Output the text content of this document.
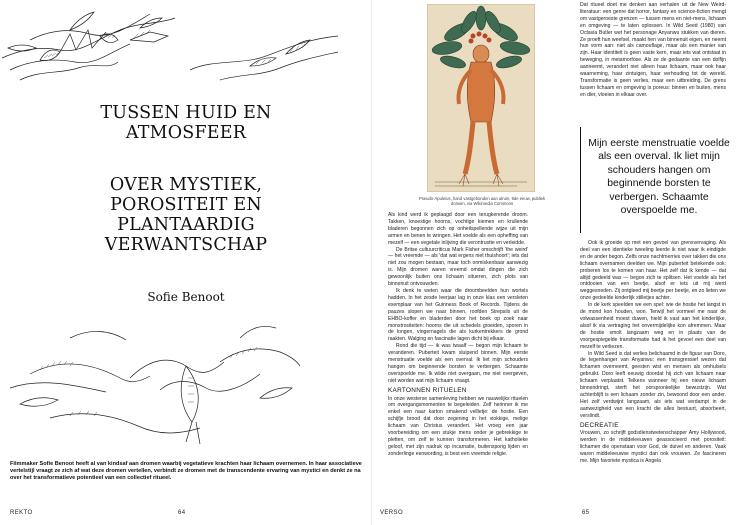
TUSSEN HUID EN
ATMOSFEER
OVER MYSTIEK,
POROSITEIT EN
PLANTAARDIG
VERWANTSCHAP
Sofie Benoot
Filmmaker Sofie Benoot heeft al van kindsaf aan dromen waarbij vegetatieve krachten haar lichaam overnemen. In haar associatieve vertelstijl vraagt ze zich af wat deze dromen vertellen, verbindt ze dromen met de transcendente ervaring van mystici en denkt ze na over het transformatieve potentieel van een collectief ritueel.
REKTO	64
Pseudo-Apuleius, hand vastgebonden aan alruin, 9de eeuw, publiek domein, via Wikimedia Commons

Als kind werd ik geplaagd door een terugkerende droom. Takken, knoestige hoorns, vochtige kiemen en krullende bladeren begonnen zich op onheilspellende wijze uit mijn armen en benen te wringen. Het voelde als een opheffing van mezelf — een vegetale inlijving die verontrustte en verleidde.

De Britse cultuurcriticus Mark Fisher omschrijft 'the weird' — het vreemde — als 'dat wat ergens niet thuishoort'; iets dat niet zou mogen bestaan, maar toch onmiskenbaar aanwezig is. Mijn dromen waren vreemd omdat dingen die zich gewoonlijk buiten ons lichaam situeren, zich plots van binnenuit ontvouwden.

Ik denk te weten waar die droombeelden hun wortels hadden. In het zesde leerjaar lag in onze klas een versleten exemplaar van het Guinness Book of Records. Tijdens de pauzes slopen we naar binnen, roofden Strepsils uit de EHBO-koffer en bladerden door het boek op zoek naar monstrositeiten: hoorns die uit schedels groeiden, sporen in de longen, vingernagels die als kurkentrekkers de grond raakten. Walging en fascinatie lagen dicht bij elkaar.

Rond die tijd — ik was twaalf — begon mijn lichaam te veranderen. Puberteit kwam sluipend binnen. Mijn eerste menstruatie voelde als een overval. Ik liet mijn schouders hangen om beginnende borsten te verbergen. Schaamte overspoelde me. Ik wilde niet overgaan, me niet overgeven, niet worden wat mijn lichaam vraagt.

KARTONNEN RITUELEN

In onze westerse samenleving hebben we nauwelijks rituelen om overgangsmomenten te begeleiden. Zelf herinner ik me enkel een naar karton smakend vellletje: de hostie. Een schijfje brood dat door zegening in het viokkige, melige lichaam van Christus verandert. Het vroeg een jaar voorbereiding om een stukje mens onder je gebrekkige te pletten, om zelf te kunnen transformeren. Het katholieke geloof, met zijn nadruk op incarnatie, buitensporig lijden en zonderlinge eenwording, is best een vreemde religie.

Dat rituеel doet me denken aan verhalen uit de New Weird-literatuur: een genre dat horror, fantasy en science-fiction mengt om vastgeroeste grenzen — tussen mens en niet-mens, lichaam en omgeving — te laten oplossen. In Wild Seed (1980) van Octavia Butler wet het personage Anyanwu stukken van dieren. Ze proeft hun weefsel, maakt hen van binnenuit eigen, en neemt hun vorm aan: niet als camouflage, maar als een manier van zijn. Haar identiteit is geen vaste kern, maar iets wat ontstaat in beweging, in metamorfose. Als ze de gedaante van een dolfijn aanneemt, verandert niet alleen haar lichaam, maar ook haar waarneming, haar zintuigen, haar verhouding tot de wereld. Transformatie is geen verlies, maar een uitbreiding. De grens tussen lichaam en omgeving is poreus: binnen en buiten, mens en dier, vloeien in elkaar over.

Ook ik groeide op met een gevoel van grensvervaging. Als deel van een identieke tweeling leerde ik niet waar ik eindigde en de ander begon. Zelfs onze nachtmerries over takken die ons lichaam overnamen deelden we. Mijn puberteit betekende ook: proberen los te komen van haar. Het zelf dat ik kende — dat altijd gedeeld was — begon zich te splitsen. Het voelde als het ontdooien van een beetje, alsof er iets uit mij werd weggesneden. Zij ontgleed mij beetje per beetje, en zo lieten we onze gedeelde kinderlijk stilletjes achter.

In de kerk speelden we een spel: wie de hostie het langst in de mond kon houden, won. Terwijl het vormeel me naar de volwassenheid moest duwen, hield ik vast aan het kinderlijke, alsof ik via vertraging het onvermijdelijke kon afremmen. Maar de hostie smolt langzaam weg en in plaats van de voorgespiegelde transformatie had ik het gevoel een deel van mezelf te verliezen.

In Wild Seed is dat verlies belichaamd in de figuur van Doro, de tegenhanger van Anyanwu: een transgressief wezen dat lichamen overneemt, geesten wist en mensen als omhulsels gebruikt. Doro leeft eeuwig doordat hij zich van lichaam naar lichaam verplaatst. Telkens wanneer hij een nieuw lichaam binnendringt, sterft het oorspronkelijke bewustzijn. Wat achterblijft is een lichaam zonder zin, bewoond door een ander. Het zelf verdwijnt langzaam, als iets wat verdampt in de aanwezigheid van een kracht die alles bestuurt, absorbeert, verslindt.

DECREATIE

Vrouwen, zo schrijft godsdienstwetenschapper Amy Hollywood, werden in de middeleeuwen geassocieerd met porositeit: lichamen die openstaan voor God, de duivel en anderen. Vaak waren middeleeuwse mystici dan ook vrouwen. Ze fascineren me. Mijn favoriete mystica is Angela

VERSO	65
Mijn eerste menstruatie voelde als een overval. Ik liet mijn schouders hangen om beginnende borsten te verbergen. Schaamte overspoelde me.
